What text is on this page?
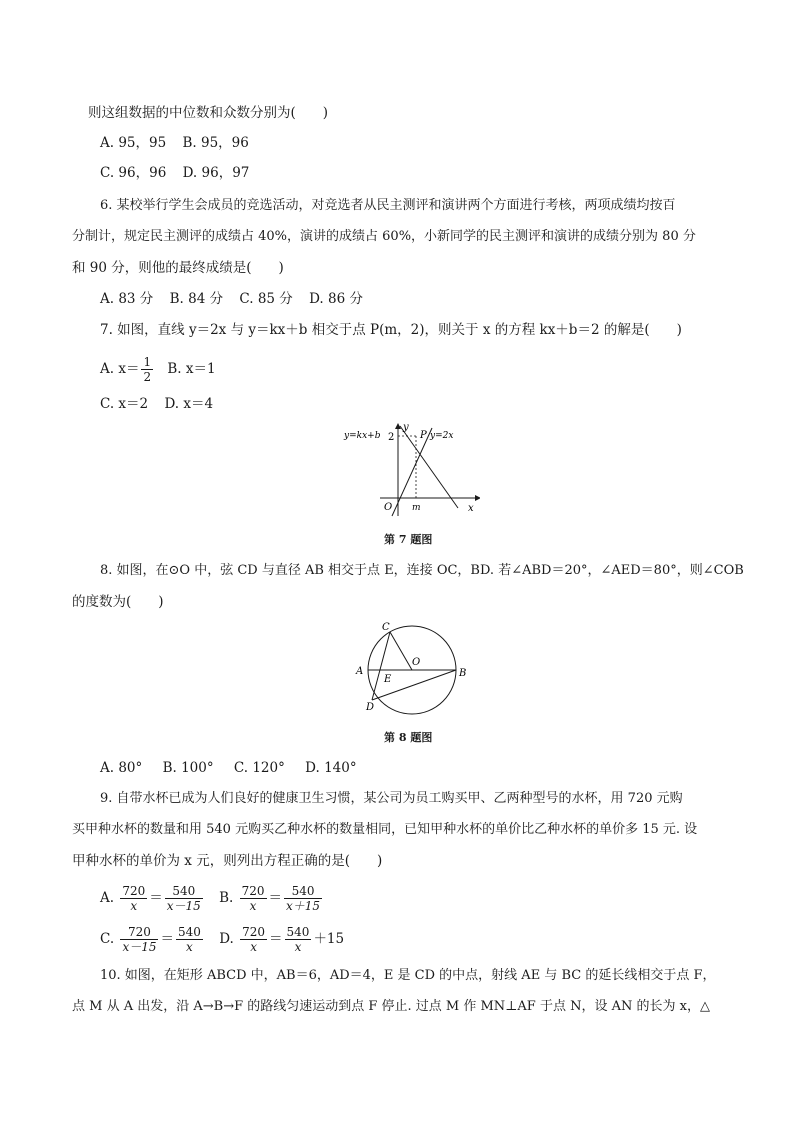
则这组数据的中位数和众数分别为(　　)
A. 95，95 B. 95，96
C. 96，96 D. 96，97
6. 某校举行学生会成员的竞选活动，对竞选者从民主测评和演讲两个方面进行考核，两项成绩均按百
分制计，规定民主测评的成绩占 40%，演讲的成绩占 60%，小新同学的民主测评和演讲的成绩分别为 80 分
和 90 分，则他的最终成绩是(　　)
A. 83 分 B. 84 分 C. 85 分 D. 86 分
7. 如图，直线 y＝2x 与 y＝kx＋b 相交于点 P(m，2)，则关于 x 的方程 kx＋b＝2 的解是(　　)
A. $x= \frac{1}{2} B$. x＝1
C. x＝2 D. x＝4
y=kx+b	y=2x
y
x
O
P
m
2
第 7 题图
8. 如图，在⊙O 中，弦 CD 与直径 AB 相交于点 E，连接 OC，BD. 若∠ABD＝20°，∠AED＝80°，则∠COB
的度数为(　　)
A	B
C
D
E
O
第 8 题图
A. 80° B. 100° C. 120° D. 140°
9. 自带水杯已成为人们良好的健康卫生习惯，某公司为员工购买甲、乙两种型号的水杯，用 720 元购
买甲种水杯的数量和用 540 元购买乙种水杯的数量相同，已知甲种水杯的单价比乙种水杯的单价多 15 元. 设
甲种水杯的单价为 x 元，则列出方程正确的是(　　)
A. $\frac{720}{x} = \frac{540}{x-15} B$. $\frac{720}{x} = \frac{540}{x+15}$
C. $\frac{720}{x-15} = \frac{540}{x} D$. $\frac{720}{x} = \frac{540}{x} +15$
10. 如图，在矩形 ABCD 中，AB＝6，AD＝4，E 是 CD 的中点，射线 AE 与 BC 的延长线相交于点 F，
点 M 从 A 出发，沿 A→B→F 的路线匀速运动到点 F 停止. 过点 M 作 MN⊥AF 于点 N，设 AN 的长为 x，△
